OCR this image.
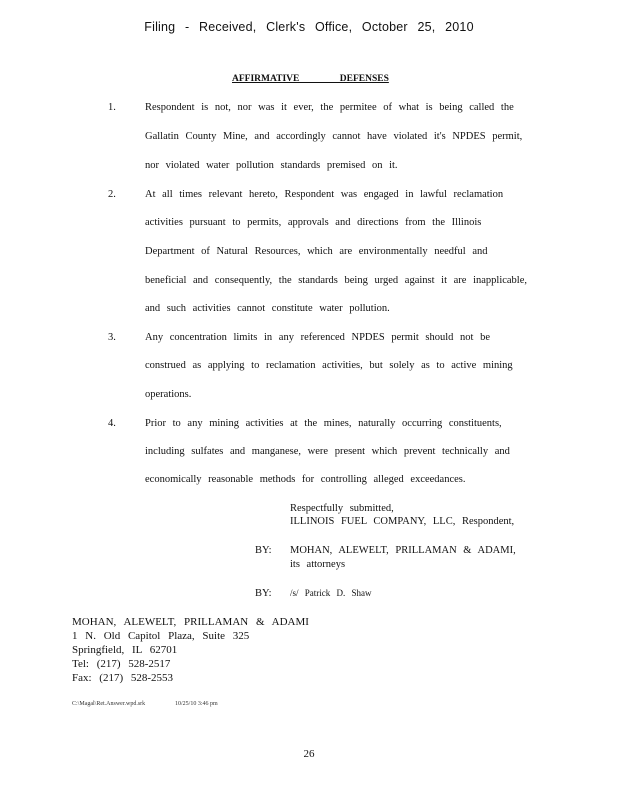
Filing - Received, Clerk's Office, October 25, 2010
AFFIRMATIVE DEFENSES
1.	Respondent is not, nor was it ever, the permitee of what is being called the
Gallatin County Mine, and accordingly cannot have violated it's NPDES permit,
nor violated water pollution standards premised on it.
2.	At all times relevant hereto, Respondent was engaged in lawful reclamation
activities pursuant to permits, approvals and directions from the Illinois
Department of Natural Resources, which are environmentally needful and
beneficial and consequently, the standards being urged against it are inapplicable,
and such activities cannot constitute water pollution.
3.	Any concentration limits in any referenced NPDES permit should not be
construed as applying to reclamation activities, but solely as to active mining
operations.
4.	Prior to any mining activities at the mines, naturally occurring constituents,
including sulfates and manganese, were present which prevent technically and
economically reasonable methods for controlling alleged exceedances.
Respectfully submitted,
ILLINOIS FUEL COMPANY, LLC, Respondent,
BY: MOHAN, ALEWELT, PRILLAMAN & ADAMI,
its attorneys
BY: /s/ Patrick D. Shaw
MOHAN, ALEWELT, PRILLAMAN & ADAMI
1 N. Old Capitol Plaza, Suite 325
Springfield, IL 62701
Tel: (217) 528-2517
Fax: (217) 528-2553
C:\Magal\Ret.Answer.wpd.srk	10/25/10 3:46 pm
26
